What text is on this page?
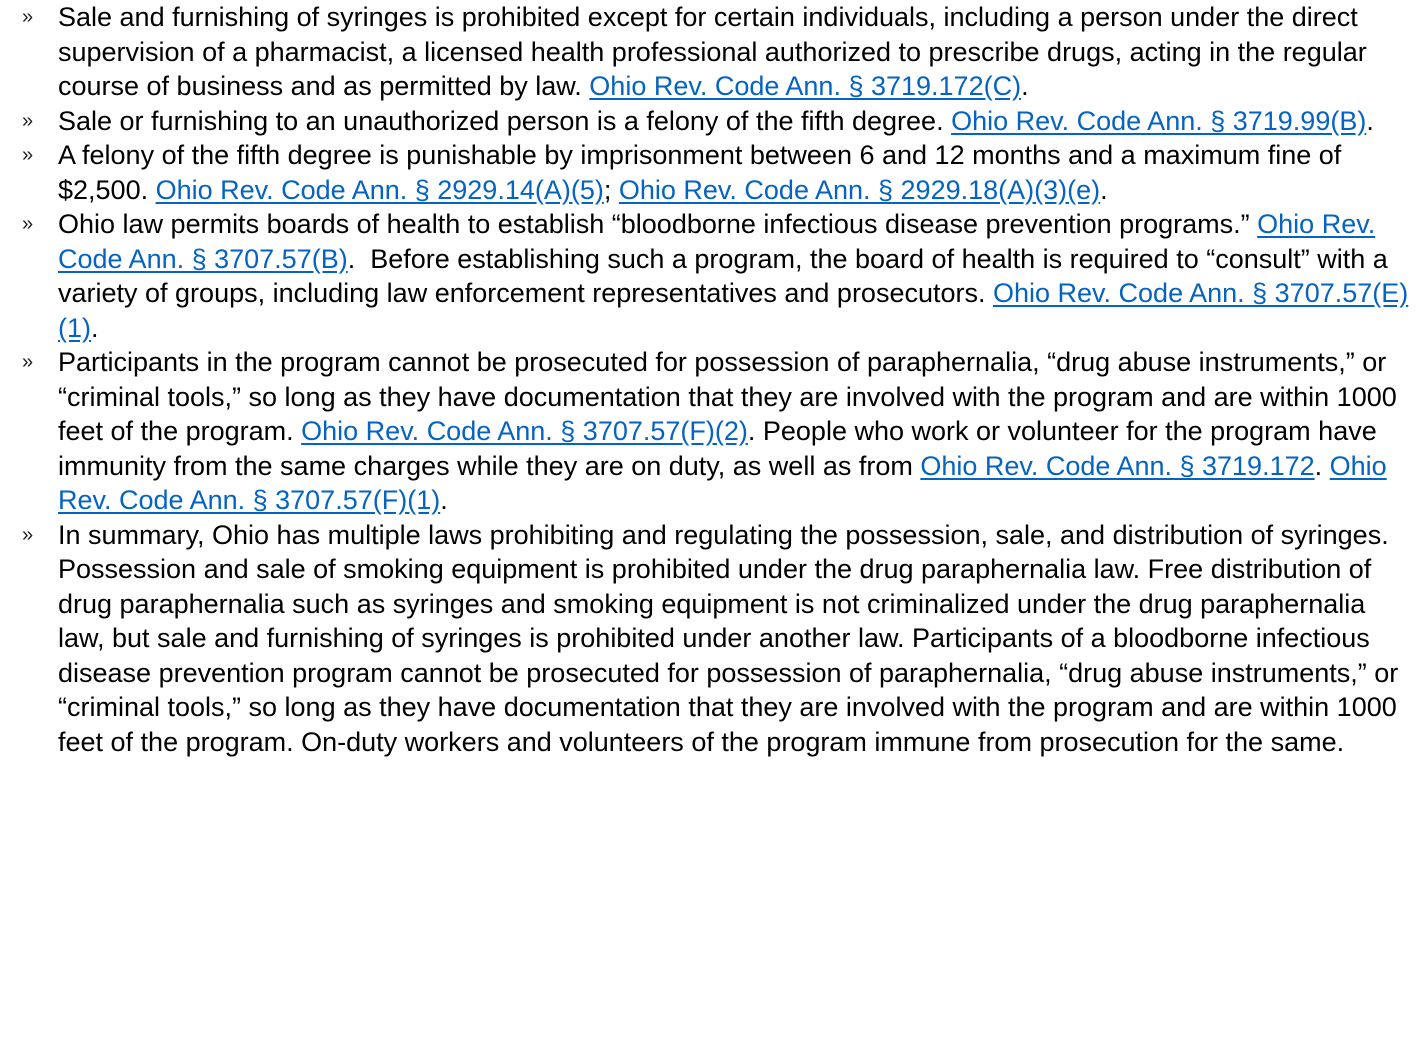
» Sale and furnishing of syringes is prohibited except for certain individuals, including a person under the direct supervision of a pharmacist, a licensed health professional authorized to prescribe drugs, acting in the regular course of business and as permitted by law. Ohio Rev. Code Ann. § 3719.172(C).
» Sale or furnishing to an unauthorized person is a felony of the fifth degree. Ohio Rev. Code Ann. § 3719.99(B).
» A felony of the fifth degree is punishable by imprisonment between 6 and 12 months and a maximum fine of $2,500. Ohio Rev. Code Ann. § 2929.14(A)(5); Ohio Rev. Code Ann. § 2929.18(A)(3)(e).
» Ohio law permits boards of health to establish “bloodborne infectious disease prevention programs.” Ohio Rev. Code Ann. § 3707.57(B).  Before establishing such a program, the board of health is required to “consult” with a variety of groups, including law enforcement representatives and prosecutors. Ohio Rev. Code Ann. § 3707.57(E)(1).
» Participants in the program cannot be prosecuted for possession of paraphernalia, “drug abuse instruments,” or “criminal tools,” so long as they have documentation that they are involved with the program and are within 1000 feet of the program. Ohio Rev. Code Ann. § 3707.57(F)(2). People who work or volunteer for the program have immunity from the same charges while they are on duty, as well as from Ohio Rev. Code Ann. § 3719.172. Ohio Rev. Code Ann. § 3707.57(F)(1).
» In summary, Ohio has multiple laws prohibiting and regulating the possession, sale, and distribution of syringes. Possession and sale of smoking equipment is prohibited under the drug paraphernalia law. Free distribution of drug paraphernalia such as syringes and smoking equipment is not criminalized under the drug paraphernalia law, but sale and furnishing of syringes is prohibited under another law. Participants of a bloodborne infectious disease prevention program cannot be prosecuted for possession of paraphernalia, “drug abuse instruments,” or “criminal tools,” so long as they have documentation that they are involved with the program and are within 1000 feet of the program. On-duty workers and volunteers of the program immune from prosecution for the same.
